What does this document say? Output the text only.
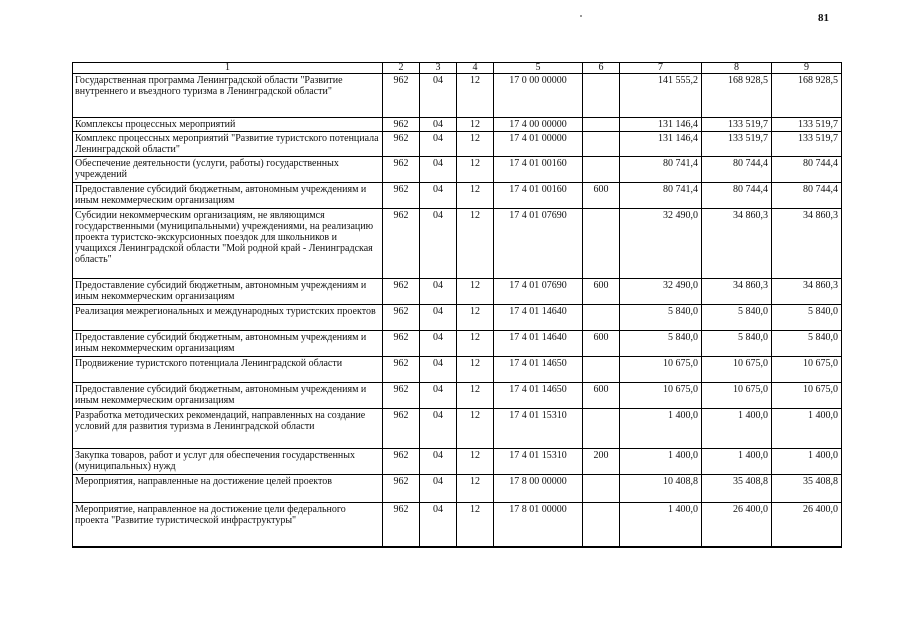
81
1	2	3	4	5	6	7	8	9
Государственная программа Ленинградской области "Развитие внутреннего и въездного туризма в Ленинградской области"	962	04	12	17 0 00 00000		141 555,2	168 928,5	168 928,5
Комплексы процессных мероприятий	962	04	12	17 4 00 00000		131 146,4	133 519,7	133 519,7
Комплекс процессных мероприятий "Развитие туристского потенциала Ленинградской области"	962	04	12	17 4 01 00000		131 146,4	133 519,7	133 519,7
Обеспечение деятельности (услуги, работы) государственных учреждений	962	04	12	17 4 01 00160		80 741,4	80 744,4	80 744,4
Предоставление субсидий бюджетным, автономным учреждениям и иным некоммерческим организациям	962	04	12	17 4 01 00160	600	80 741,4	80 744,4	80 744,4
Субсидии некоммерческим организациям, не являющимся государственными (муниципальными) учреждениями, на реализацию проекта туристско-экскурсионных поездок для школьников и учащихся Ленинградской области "Мой родной край - Ленинградская область"	962	04	12	17 4 01 07690		32 490,0	34 860,3	34 860,3
Предоставление субсидий бюджетным, автономным учреждениям и иным некоммерческим организациям	962	04	12	17 4 01 07690	600	32 490,0	34 860,3	34 860,3
Реализация межрегиональных и международных туристских проектов	962	04	12	17 4 01 14640		5 840,0	5 840,0	5 840,0
Предоставление субсидий бюджетным, автономным учреждениям и иным некоммерческим организациям	962	04	12	17 4 01 14640	600	5 840,0	5 840,0	5 840,0
Продвижение туристского потенциала Ленинградской области	962	04	12	17 4 01 14650		10 675,0	10 675,0	10 675,0
Предоставление субсидий бюджетным, автономным учреждениям и иным некоммерческим организациям	962	04	12	17 4 01 14650	600	10 675,0	10 675,0	10 675,0
Разработка методических рекомендаций, направленных на создание условий для развития туризма в Ленинградской области	962	04	12	17 4 01 15310		1 400,0	1 400,0	1 400,0
Закупка товаров, работ и услуг для обеспечения государственных (муниципальных) нужд	962	04	12	17 4 01 15310	200	1 400,0	1 400,0	1 400,0
Мероприятия, направленные на достижение целей проектов	962	04	12	17 8 00 00000		10 408,8	35 408,8	35 408,8
Мероприятие, направленное на достижение цели федерального проекта "Развитие туристической инфраструктуры"	962	04	12	17 8 01 00000		1 400,0	26 400,0	26 400,0
